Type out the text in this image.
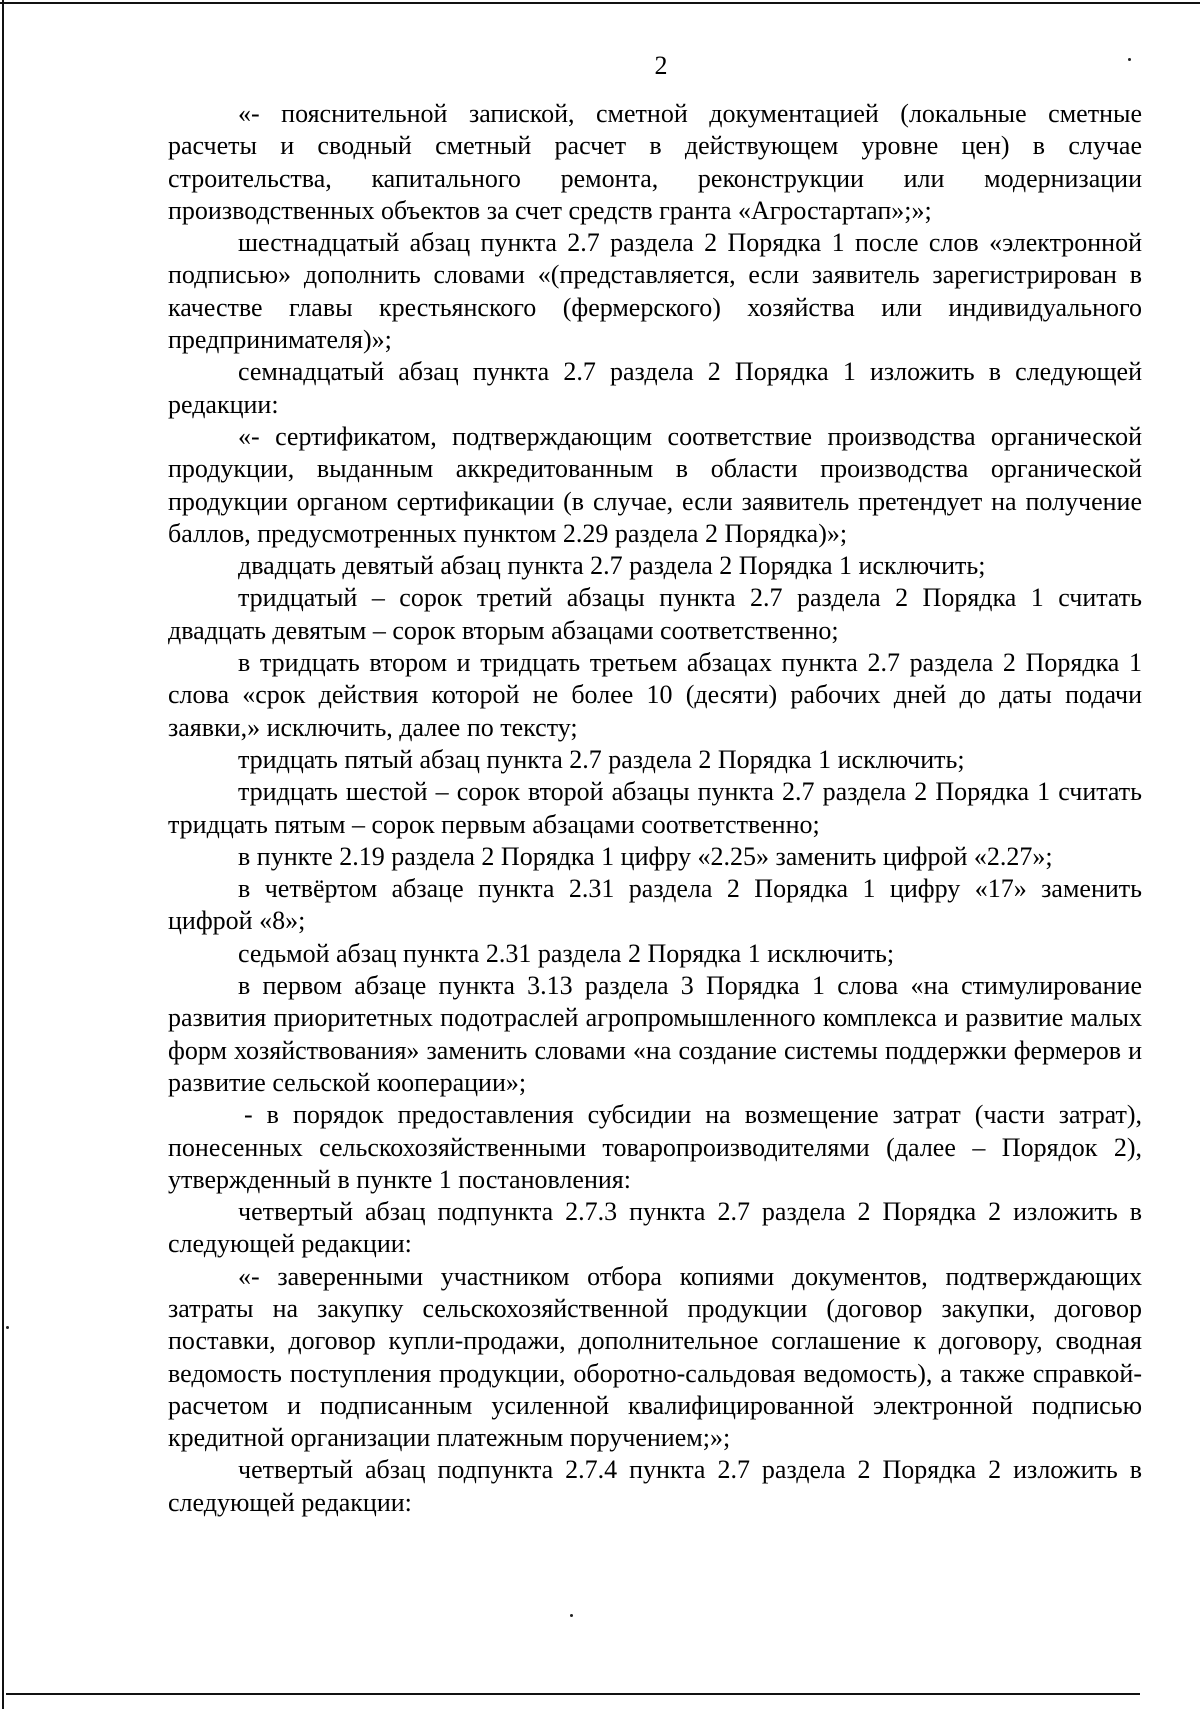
2

«- пояснительной запиской, сметной документацией (локальные сметные расчеты и сводный сметный расчет в действующем уровне цен) в случае строительства, капитального ремонта, реконструкции или модернизации производственных объектов за счет средств гранта «Агростартап»;»;

шестнадцатый абзац пункта 2.7 раздела 2 Порядка 1 после слов «электронной подписью» дополнить словами «(представляется, если заявитель зарегистрирован в качестве главы крестьянского (фермерского) хозяйства или индивидуального предпринимателя)»;

семнадцатый абзац пункта 2.7 раздела 2 Порядка 1 изложить в следующей редакции:

«- сертификатом, подтверждающим соответствие производства органической продукции, выданным аккредитованным в области производства органической продукции органом сертификации (в случае, если заявитель претендует на получение баллов, предусмотренных пунктом 2.29 раздела 2 Порядка)»;

двадцать девятый абзац пункта 2.7 раздела 2 Порядка 1 исключить;

тридцатый – сорок третий абзацы пункта 2.7 раздела 2 Порядка 1 считать двадцать девятым – сорок вторым абзацами соответственно;

в тридцать втором и тридцать третьем абзацах пункта 2.7 раздела 2 Порядка 1 слова «срок действия которой не более 10 (десяти) рабочих дней до даты подачи заявки,» исключить, далее по тексту;

тридцать пятый абзац пункта 2.7 раздела 2 Порядка 1 исключить;

тридцать шестой – сорок второй абзацы пункта 2.7 раздела 2 Порядка 1 считать тридцать пятым – сорок первым абзацами соответственно;

в пункте 2.19 раздела 2 Порядка 1 цифру «2.25» заменить цифрой «2.27»;

в четвёртом абзаце пункта 2.31 раздела 2 Порядка 1 цифру «17» заменить цифрой «8»;

седьмой абзац пункта 2.31 раздела 2 Порядка 1 исключить;

в первом абзаце пункта 3.13 раздела 3 Порядка 1 слова «на стимулирование развития приоритетных подотраслей агропромышленного комплекса и развитие малых форм хозяйствования» заменить словами «на создание системы поддержки фермеров и развитие сельской кооперации»;

- в порядок предоставления субсидии на возмещение затрат (части затрат), понесенных сельскохозяйственными товаропроизводителями (далее – Порядок 2), утвержденный в пункте 1 постановления:

четвертый абзац подпункта 2.7.3 пункта 2.7 раздела 2 Порядка 2 изложить в следующей редакции:

«- заверенными участником отбора копиями документов, подтверждающих затраты на закупку сельскохозяйственной продукции (договор закупки, договор поставки, договор купли-продажи, дополнительное соглашение к договору, сводная ведомость поступления продукции, оборотно-сальдовая ведомость), а также справкой-расчетом и подписанным усиленной квалифицированной электронной подписью кредитной организации платежным поручением;»;

четвертый абзац подпункта 2.7.4 пункта 2.7 раздела 2 Порядка 2 изложить в следующей редакции:
